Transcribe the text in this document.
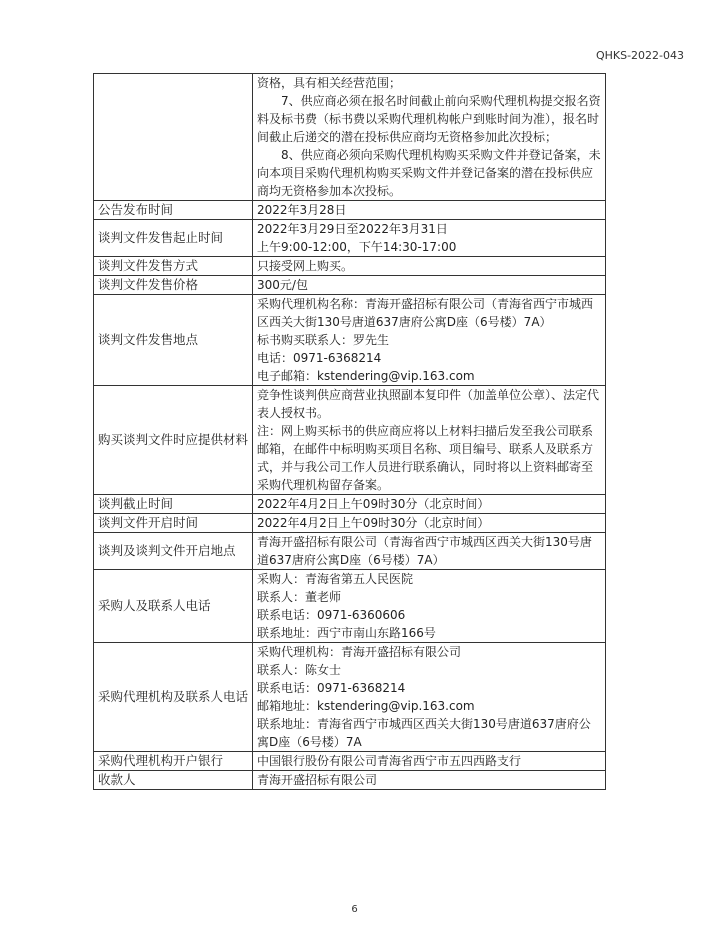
QHKS-2022-043

	资格，具有相关经营范围；
7、供应商必须在报名时间截止前向采购代理机构提交报名资料及标书费（标书费以采购代理机构帐户到账时间为准），报名时间截止后递交的潜在投标供应商均无资格参加此次投标；
8、供应商必须向采购代理机构购买采购文件并登记备案，未向本项目采购代理机构购买采购文件并登记备案的潜在投标供应商均无资格参加本次投标。

公告发布时间	2022年3月28日

谈判文件发售起止时间	2022年3月29日至2022年3月31日
上午9:00-12:00，下午14:30-17:00

谈判文件发售方式	只接受网上购买。

谈判文件发售价格	300元/包

谈判文件发售地点	采购代理机构名称：青海开盛招标有限公司（青海省西宁市城西区西关大街130号唐道637唐府公寓D座（6号楼）7A）
标书购买联系人：罗先生
电话：0971-6368214
电子邮箱：kstendering@vip.163.com

购买谈判文件时应提供材料	竞争性谈判供应商营业执照副本复印件（加盖单位公章）、法定代表人授权书。
注：网上购买标书的供应商应将以上材料扫描后发至我公司联系邮箱，在邮件中标明购买项目名称、项目编号、联系人及联系方式，并与我公司工作人员进行联系确认，同时将以上资料邮寄至采购代理机构留存备案。

谈判截止时间	2022年4月2日上午09时30分（北京时间）

谈判文件开启时间	2022年4月2日上午09时30分（北京时间）

谈判及谈判文件开启地点	青海开盛招标有限公司（青海省西宁市城西区西关大街130号唐道637唐府公寓D座（6号楼）7A）

采购人及联系人电话	采购人：青海省第五人民医院
联系人：董老师
联系电话：0971-6360606
联系地址：西宁市南山东路166号

采购代理机构及联系人电话	采购代理机构：青海开盛招标有限公司
联系人：陈女士
联系电话：0971-6368214
邮箱地址：kstendering@vip.163.com
联系地址：青海省西宁市城西区西关大街130号唐道637唐府公寓D座（6号楼）7A

采购代理机构开户银行	中国银行股份有限公司青海省西宁市五四西路支行

收款人	青海开盛招标有限公司
6
